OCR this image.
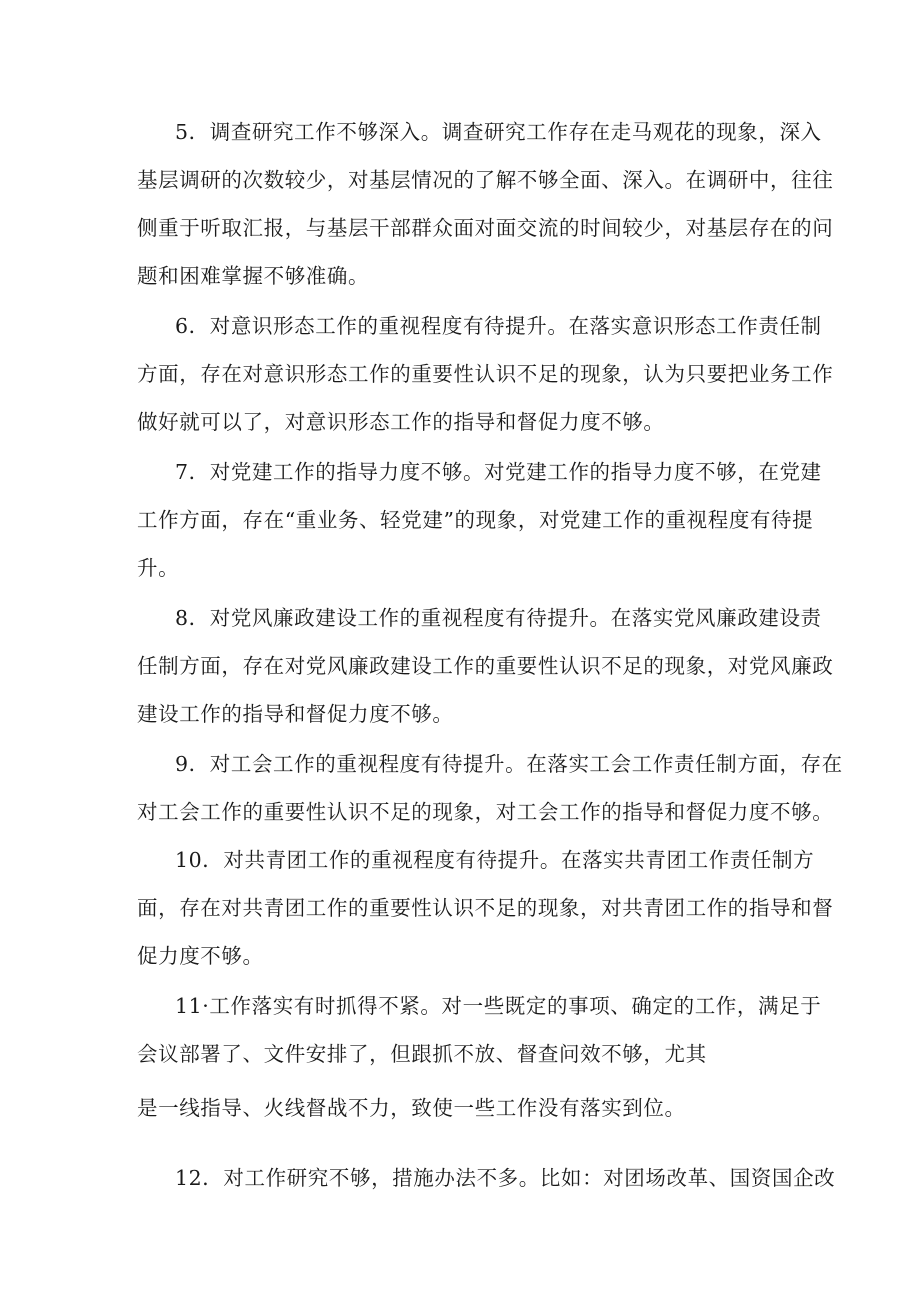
5．调查研究工作不够深入。调查研究工作存在走马观花的现象，深入
基层调研的次数较少，对基层情况的了解不够全面、深入。在调研中，往往
侧重于听取汇报，与基层干部群众面对面交流的时间较少，对基层存在的问
题和困难掌握不够准确。
6．对意识形态工作的重视程度有待提升。在落实意识形态工作责任制
方面，存在对意识形态工作的重要性认识不足的现象，认为只要把业务工作
做好就可以了，对意识形态工作的指导和督促力度不够。
7．对党建工作的指导力度不够。对党建工作的指导力度不够，在党建
工作方面，存在“重业务、轻党建”的现象，对党建工作的重视程度有待提
升。
8．对党风廉政建设工作的重视程度有待提升。在落实党风廉政建设责
任制方面，存在对党风廉政建设工作的重要性认识不足的现象，对党风廉政
建设工作的指导和督促力度不够。
9．对工会工作的重视程度有待提升。在落实工会工作责任制方面，存在
对工会工作的重要性认识不足的现象，对工会工作的指导和督促力度不够。
10．对共青团工作的重视程度有待提升。在落实共青团工作责任制方
面，存在对共青团工作的重要性认识不足的现象，对共青团工作的指导和督
促力度不够。
11·工作落实有时抓得不紧。对一些既定的事项、确定的工作，满足于
会议部署了、文件安排了，但跟抓不放、督查问效不够，尤其
是一线指导、火线督战不力，致使一些工作没有落实到位。
12．对工作研究不够，措施办法不多。比如：对团场改革、国资国企改
